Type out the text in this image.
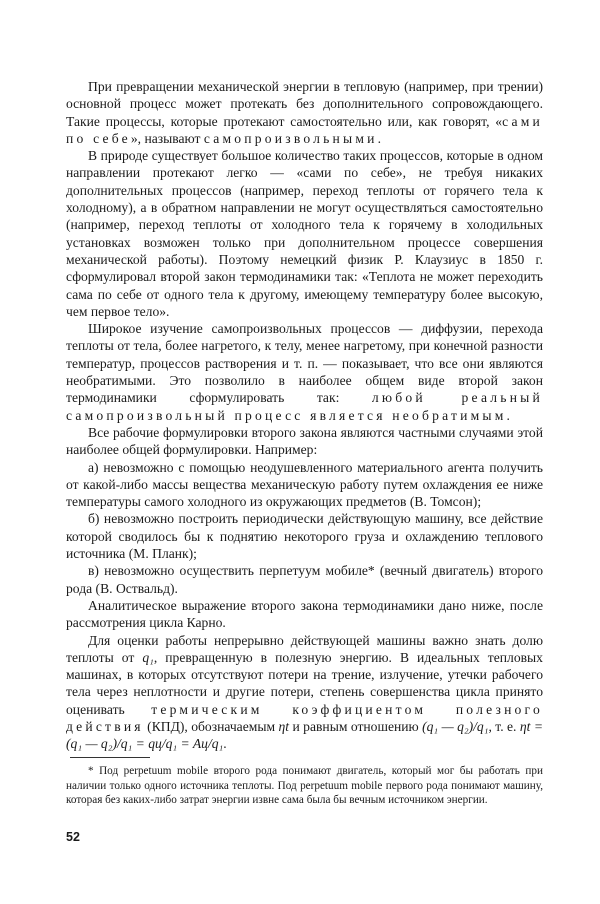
При превращении механической энергии в тепловую (например, при трении) основной процесс может протекать без дополнительного сопровождающего. Такие процессы, которые протекают самостоятельно или, как говорят, «сами по себе», называют самопроизвольными.

В природе существует большое количество таких процессов, которые в одном направлении протекают легко — «сами по себе», не требуя никаких дополнительных процессов (например, переход теплоты от горячего тела к холодному), а в обратном направлении не могут осуществляться самостоятельно (например, переход теплоты от холодного тела к горячему в холодильных установках возможен только при дополнительном процессе совершения механической работы). Поэтому немецкий физик Р. Клаузиус в 1850 г. сформулировал второй закон термодинамики так: «Теплота не может переходить сама по себе от одного тела к другому, имеющему температуру более высокую, чем первое тело».

Широкое изучение самопроизвольных процессов — диффузии, перехода теплоты от тела, более нагретого, к телу, менее нагретому, при конечной разности температур, процессов растворения и т. п. — показывает, что все они являются необратимыми. Это позволило в наиболее общем виде второй закон термодинамики сформулировать так: любой реальный самопроизвольный процесс является необратимым.

Все рабочие формулировки второго закона являются частными случаями этой наиболее общей формулировки. Например:

а) невозможно с помощью неодушевленного материального агента получить от какой-либо массы вещества механическую работу путем охлаждения ее ниже температуры самого холодного из окружающих предметов (В. Томсон);

б) невозможно построить периодически действующую машину, все действие которой сводилось бы к поднятию некоторого груза и охлаждению теплового источника (М. Планк);

в) невозможно осуществить перпетуум мобиле* (вечный двигатель) второго рода (В. Оствальд).

Аналитическое выражение второго закона термодинамики дано ниже, после рассмотрения цикла Карно.

Для оценки работы непрерывно действующей машины важно знать долю теплоты от q₁, превращенную в полезную энергию. В идеальных тепловых машинах, в которых отсутствуют потери на трение, излучение, утечки рабочего тела через неплотности и другие потери, степень совершенства цикла принято оценивать термическим коэффициентом полезного действия (КПД), обозначаемым ηt и равным отношению (q₁ — q₂)/q₁, т. е. ηt = (q₁ — q₂)/q₁ = qц/q₁ = Aц/q₁.

* Под perpetuum mobile второго рода понимают двигатель, который мог бы работать при наличии только одного источника теплоты. Под perpetuum mobile первого рода понимают машину, которая без каких-либо затрат энергии извне сама была бы вечным источником энергии.

52
